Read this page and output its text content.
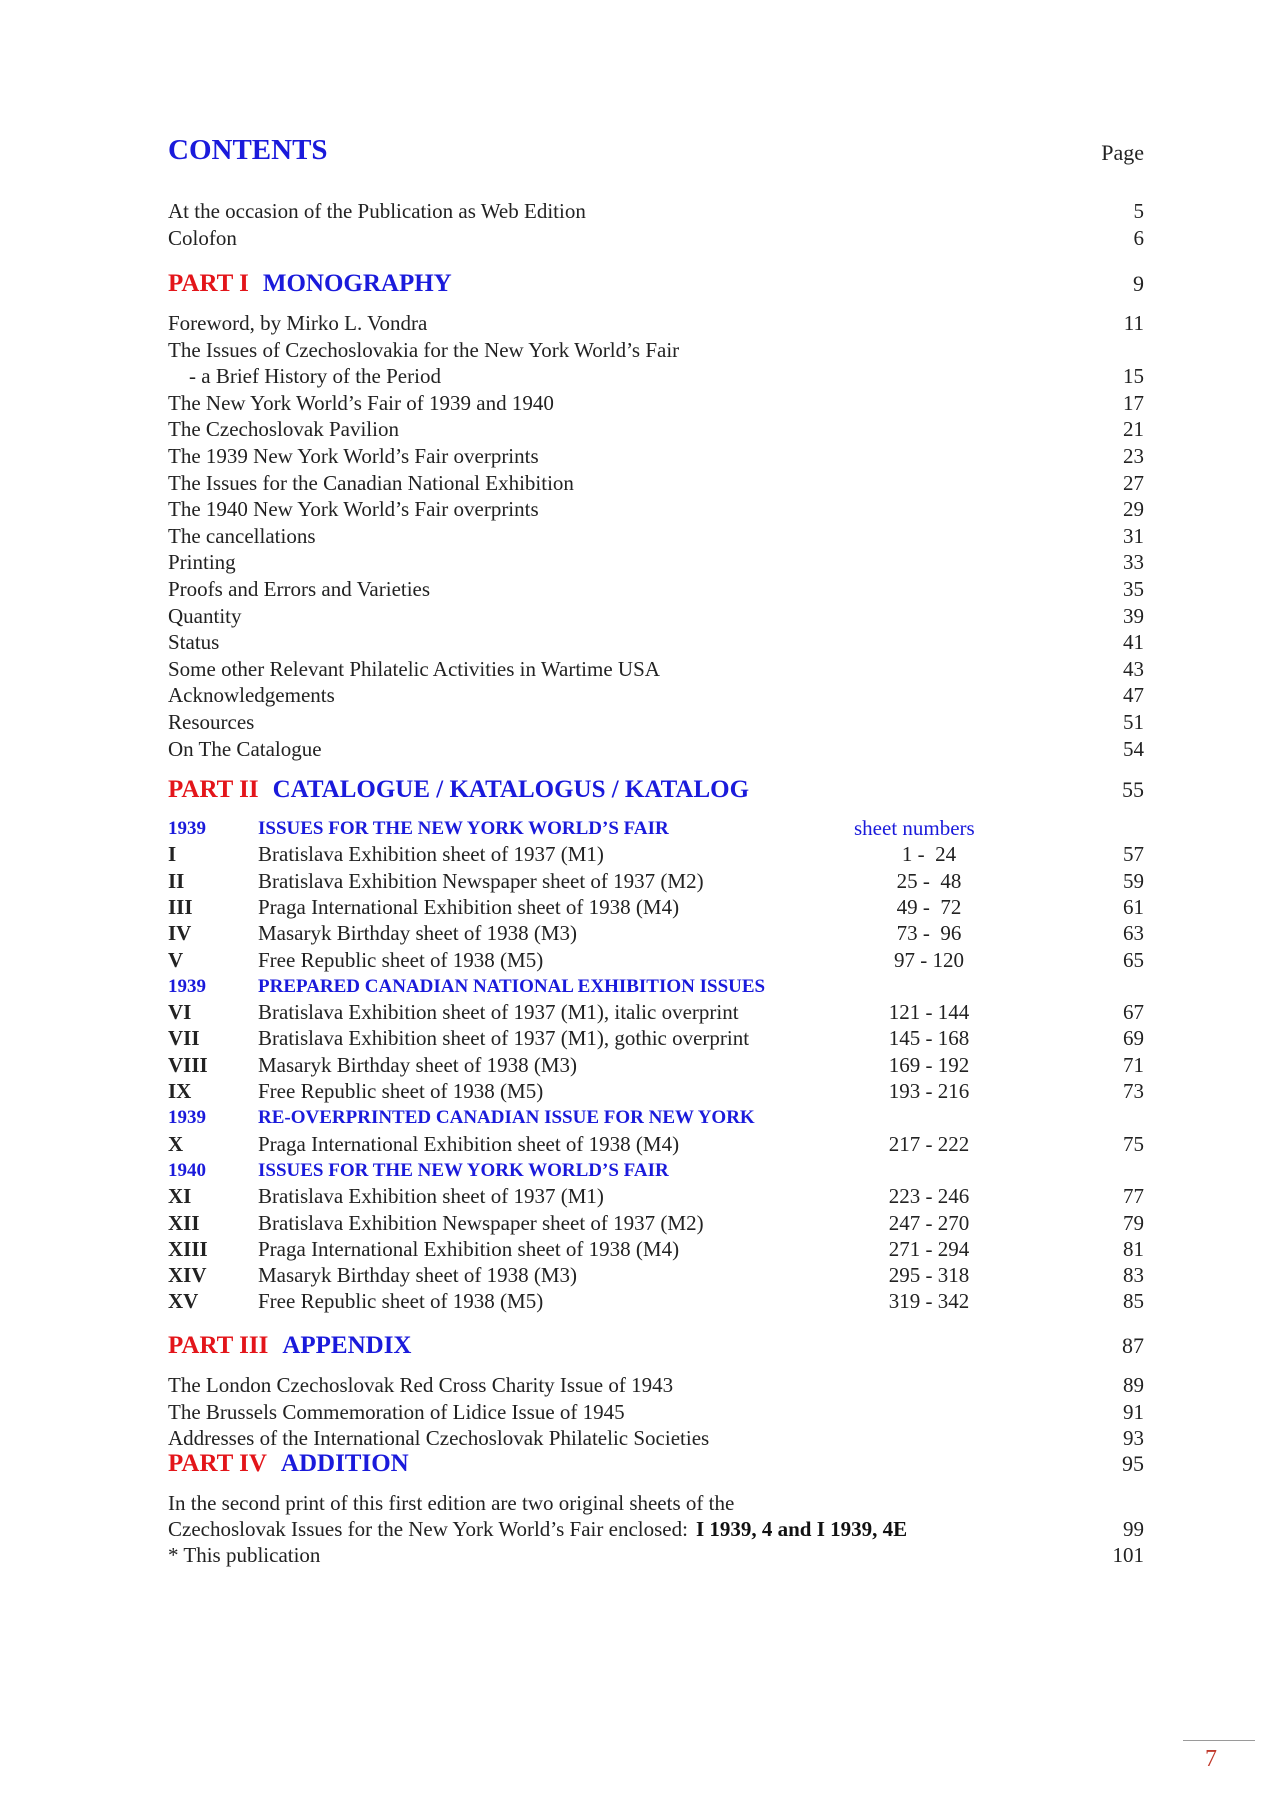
CONTENTS	Page
At the occasion of the Publication as Web Edition	5
Colofon	6
PART I MONOGRAPHY	9
Foreword, by Mirko L. Vondra	11
The Issues of Czechoslovakia for the New York World’s Fair
- a Brief History of the Period	15
The New York World’s Fair of 1939 and 1940	17
The Czechoslovak Pavilion	21
The 1939 New York World’s Fair overprints	23
The Issues for the Canadian National Exhibition	27
The 1940 New York World’s Fair overprints	29
The cancellations	31
Printing	33
Proofs and Errors and Varieties	35
Quantity	39
Status	41
Some other Relevant Philatelic Activities in Wartime USA	43
Acknowledgements	47
Resources	51
On The Catalogue	54
PART II CATALOGUE / KATALOGUS / KATALOG	55
1939	ISSUES FOR THE NEW YORK WORLD’S FAIR	sheet numbers
I	Bratislava Exhibition sheet of 1937 (M1)	1 -  24	57
II	Bratislava Exhibition Newspaper sheet of 1937 (M2)	25 -  48	59
III	Praga International Exhibition sheet of 1938 (M4)	49 -  72	61
IV	Masaryk Birthday sheet of 1938 (M3)	73 -  96	63
V	Free Republic sheet of 1938 (M5)	97 - 120	65
1939	PREPARED CANADIAN NATIONAL EXHIBITION ISSUES
VI	Bratislava Exhibition sheet of 1937 (M1), italic overprint	121 - 144	67
VII	Bratislava Exhibition sheet of 1937 (M1), gothic overprint	145 - 168	69
VIII Masaryk Birthday sheet of 1938 (M3)	169 - 192	71
IX	Free Republic sheet of 1938 (M5)	193 - 216	73
1939	RE-OVERPRINTED CANADIAN ISSUE FOR NEW YORK
X	Praga International Exhibition sheet of 1938 (M4)	217 - 222	75
1940	ISSUES FOR THE NEW YORK WORLD’S FAIR
XI	Bratislava Exhibition sheet of 1937 (M1)	223 - 246	77
XII	Bratislava Exhibition Newspaper sheet of 1937 (M2)	247 - 270	79
XIII Praga International Exhibition sheet of 1938 (M4)	271 - 294	81
XIV Masaryk Birthday sheet of 1938 (M3)	295 - 318	83
XV	Free Republic sheet of 1938 (M5)	319 - 342	85
PART III APPENDIX	87
The London Czechoslovak Red Cross Charity Issue of 1943	89
The Brussels Commemoration of Lidice Issue of 1945	91
Addresses of the International Czechoslovak Philatelic Societies	93
PART IV ADDITION	95
In the second print of this first edition are two original sheets of the
Czechoslovak Issues for the New York World’s Fair enclosed: I 1939, 4 and I 1939, 4E	99
* This publication	101
7
